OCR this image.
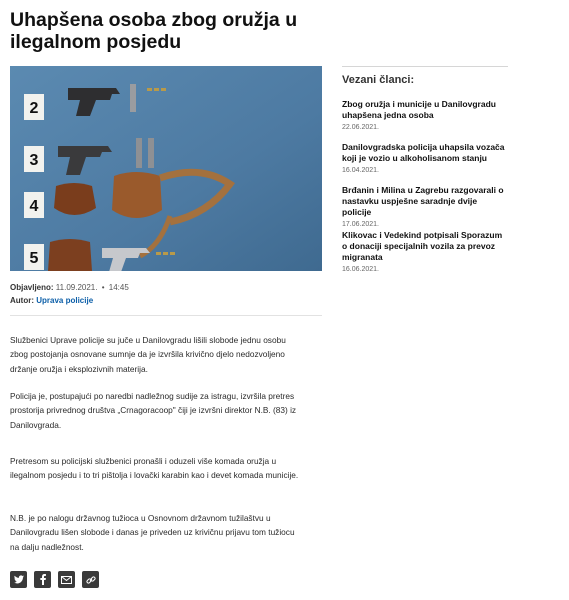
Uhapšena osoba zbog oružja u ilegalnom posjedu
2
3
4
5
Objavljeno: 11.09.2021. • 14:45
Autor: Uprava policije

Službenici Uprave policije su juče u Danilovgradu lišili slobode jednu osobu zbog postojanja osnovane sumnje da je izvršila krivično djelo nedozvoljeno držanje oružja i eksplozivnih materija.

Policija je, postupajući po naredbi nadležnog sudije za istragu, izvršila pretres prostorija privrednog društva „Crnagoracoop" čiji je izvršni direktor N.B. (83) iz Danilovgrada.

Pretresom su policijski službenici pronašli i oduzeli više komada oružja u ilegalnom posjedu i to tri pištolja i lovački karabin kao i devet komada municije.

N.B. je po nalogu državnog tužioca u Osnovnom državnom tužilaštvu u Danilovgradu lišen slobode i danas je priveden uz krivičnu prijavu tom tužiocu na dalju nadležnost.

Vezani članci:
Zbog oružja i municije u Danilovgradu uhapšena jedna osoba
22.06.2021.
Danilovgradska policija uhapsila vozača koji je vozio u alkoholisanom stanju
16.04.2021.
Brđanin i Milina u Zagrebu razgovarali o nastavku uspješne saradnje dvije policije
17.06.2021.
Klikovac i Vedekind potpisali Sporazum o donaciji specijalnih vozila za prevoz migranata
16.06.2021.
